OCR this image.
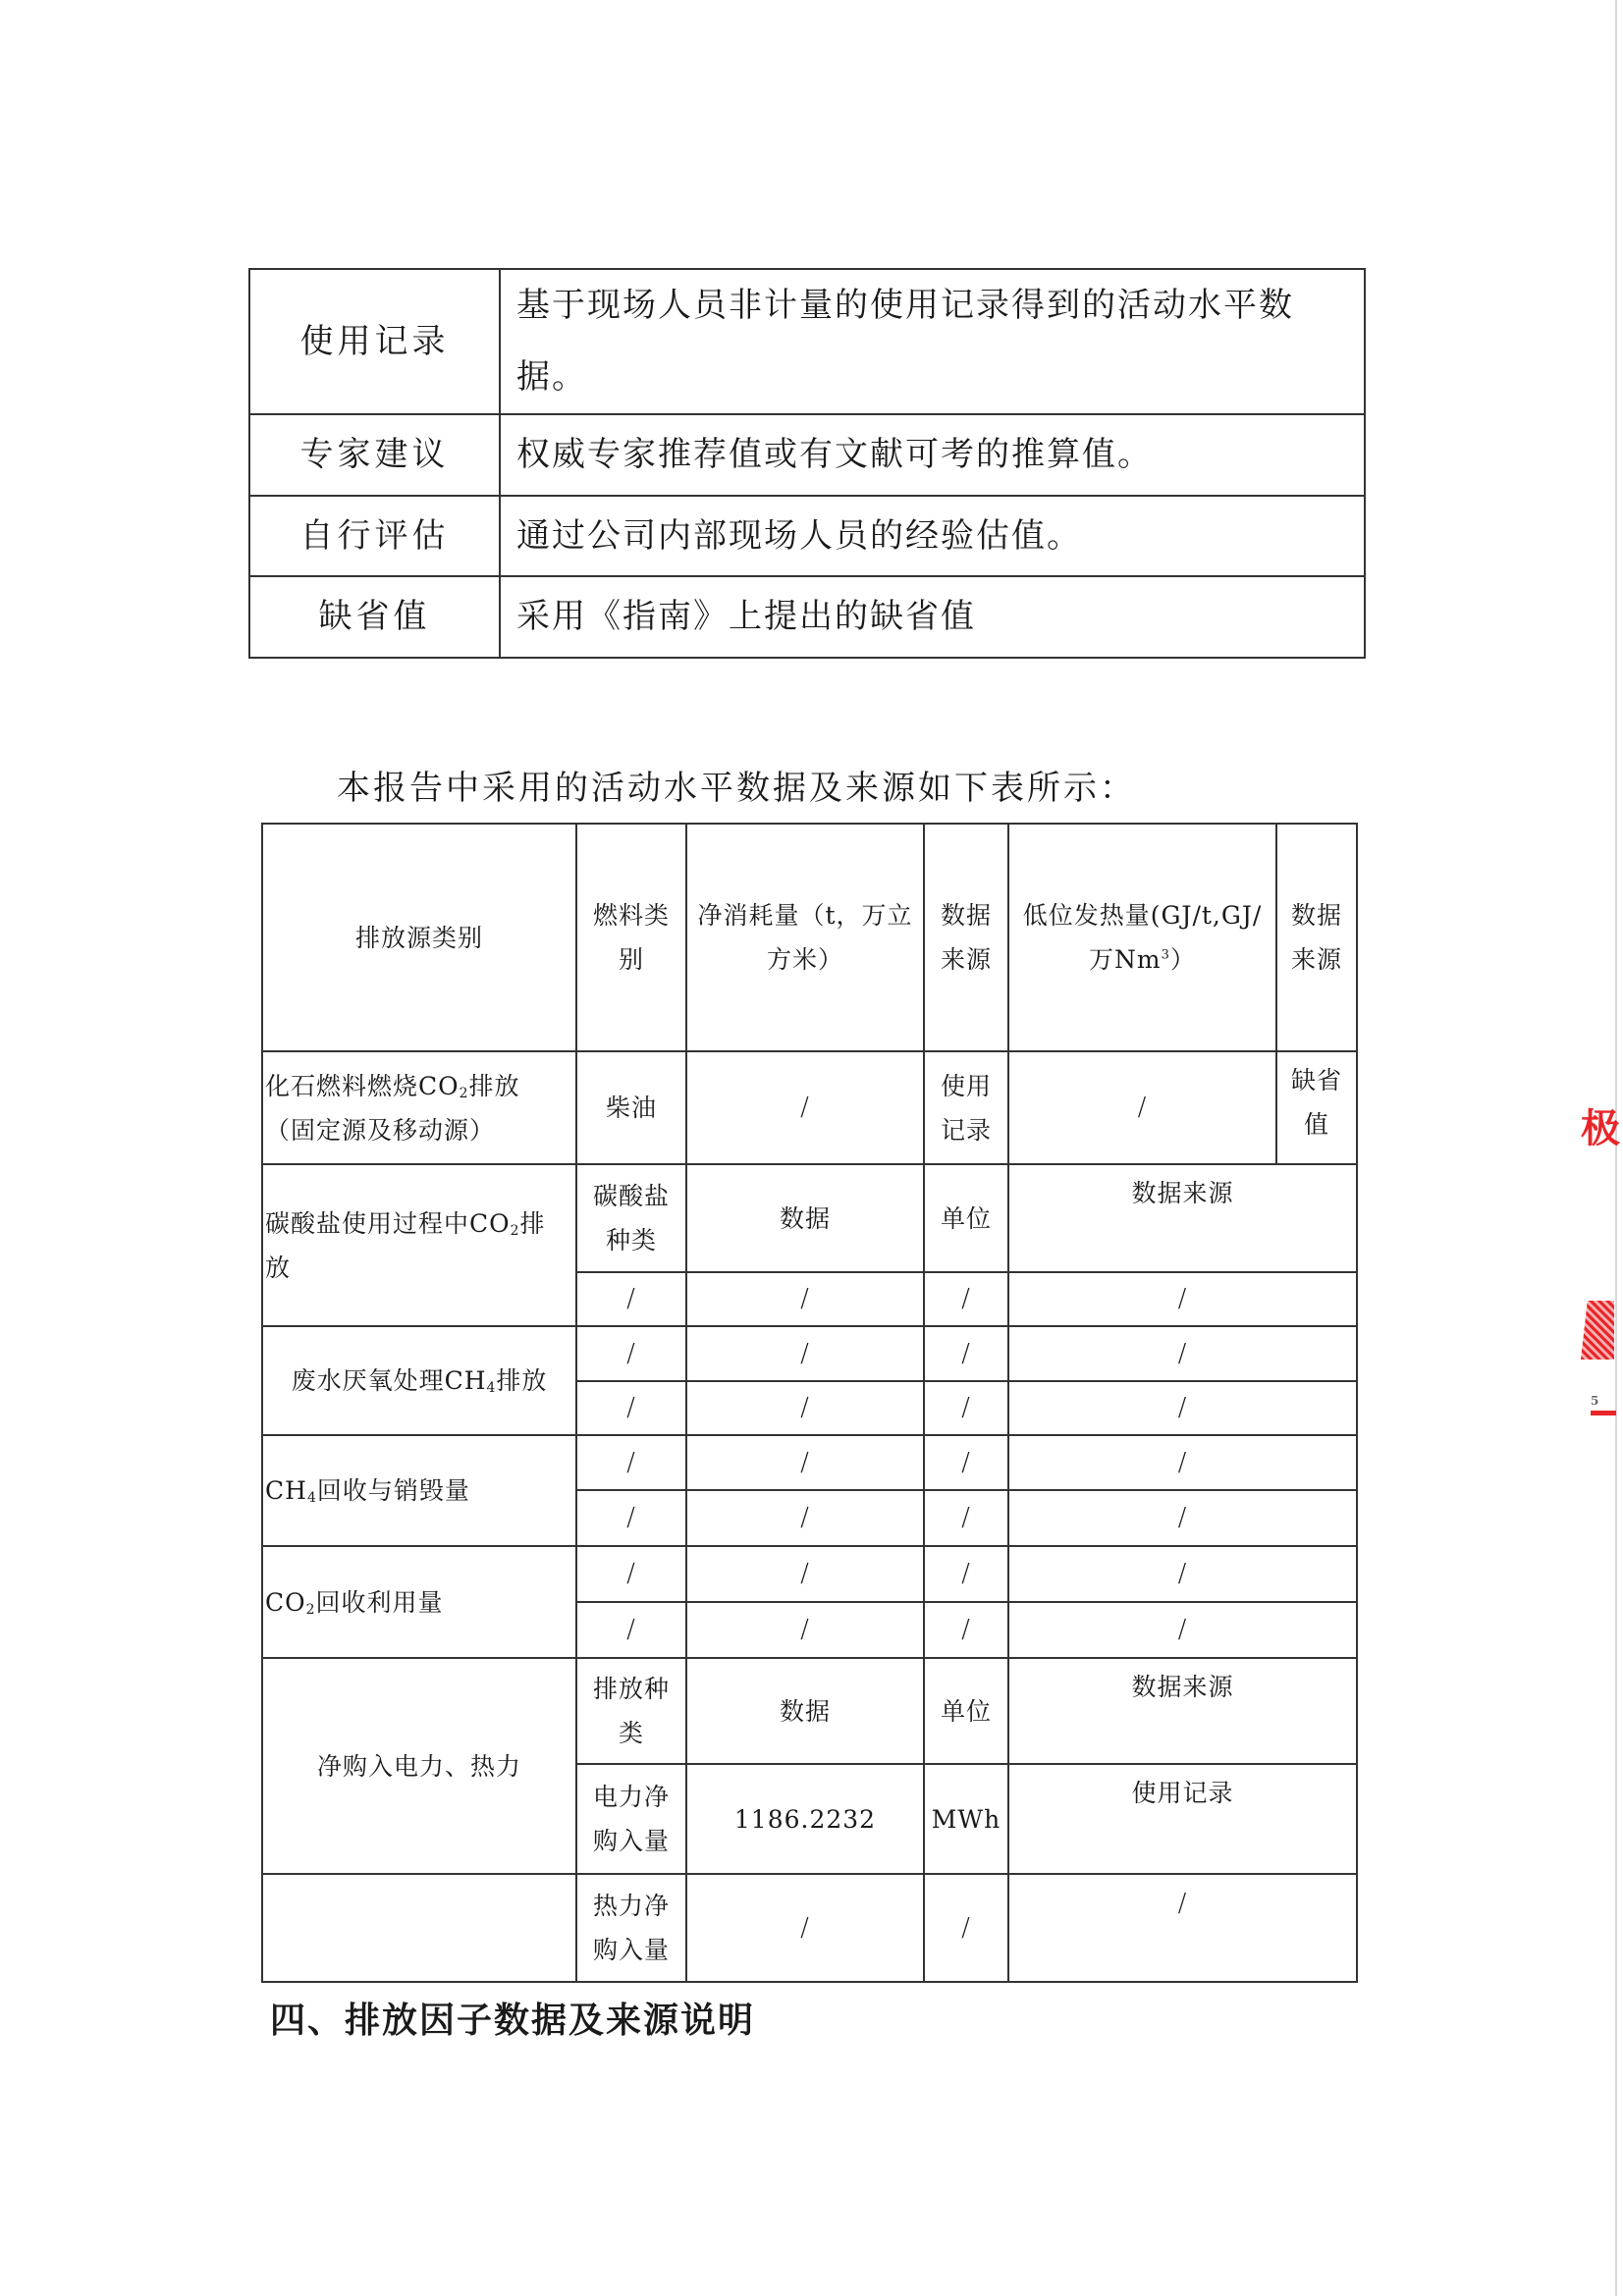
使用记录	基于现场人员非计量的使用记录得到的活动水平数据。
专家建议	权威专家推荐值或有文献可考的推算值。
自行评估	通过公司内部现场人员的经验估值。
缺省值	采用《指南》上提出的缺省值
本报告中采用的活动水平数据及来源如下表所示：
排放源类别	燃料类别	净消耗量（t，万立方米）	数据来源	低位发热量(GJ/t,GJ/万Nm$^3$）	数据来源
化石燃料燃烧$CO_2$排放（固定源及移动源）	柴油	/	使用记录	/	缺省值
碳酸盐使用过程中$CO_2$排放	碳酸盐种类	数据	单位	数据来源	
	/	/	/	/	
废水厌氧处理$CH_4$排放	/	/	/	/	
	/	/	/	/	
$CH_4$回收与销毁量	/	/	/	/	
	/	/	/	/	
$CO_2$回收利用量	/	/	/	/	
	/	/	/	/	
净购入电力、热力	排放种类	数据	单位	数据来源	
	电力净购入量	1186.2232	MWh	使用记录	
	热力净购入量	/	/	/	
四、排放因子数据及来源说明
极
5
